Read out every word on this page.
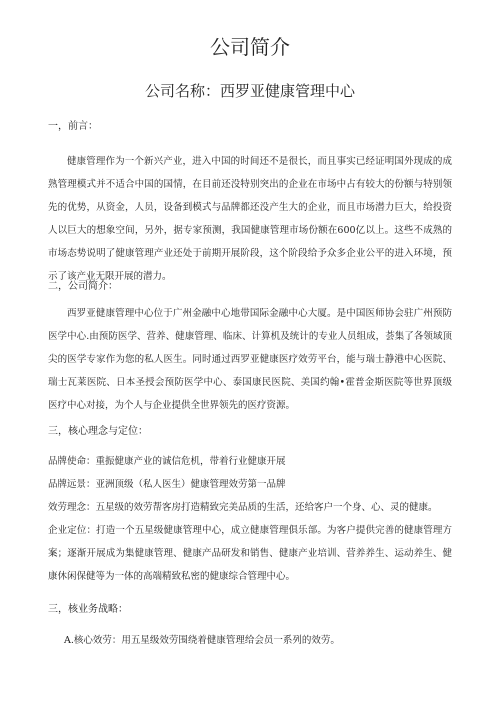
公司简介
公司名称：西罗亚健康管理中心
一，前言：
健康管理作为一个新兴产业，进入中国的时间还不是很长，而且事实已经证明国外现成的成熟管理模式并不适合中国的国情，在目前还没特别突出的企业在市场中占有较大的份额与特别领先的优势，从资金，人员，设备到模式与品牌都还没产生大的企业，而且市场潜力巨大，给投资人以巨大的想象空间，另外，据专家预测，我国健康管理市场份额在600亿以上。这些不成熟的市场态势说明了健康管理产业还处于前期开展阶段，这个阶段给予众多企业公平的进入环境，预示了该产业无限开展的潜力。
二，公司简介：
西罗亚健康管理中心位于广州金融中心地带国际金融中心大厦。是中国医师协会驻广州预防医学中心.由预防医学、营养、健康管理、临床、计算机及统计的专业人员组成，荟集了各领域顶尖的医学专家作为您的私人医生。同时通过西罗亚健康医疗效劳平台，能与瑞士静港中心医院、瑞士瓦莱医院、日本圣授会预防医学中心、泰国康民医院、美国约翰•霍普金斯医院等世界顶级医疗中心对接，为个人与企业提供全世界领先的医疗资源。
三，核心理念与定位：
品牌使命：重振健康产业的诚信危机，带着行业健康开展
品牌远景：亚洲顶级（私人医生）健康管理效劳第一品牌
效劳理念：五星级的效劳帮客房打造精致完美品质的生活，还给客户一个身、心、灵的健康。
企业定位：打造一个五星级健康管理中心，成立健康管理俱乐部。为客户提供完善的健康管理方案；逐渐开展成为集健康管理、健康产品研发和销售、健康产业培训、营养养生、运动养生、健康休闲保健等为一体的高端精致私密的健康综合管理中心。
三，核业务战略：
A.核心效劳：用五星级效劳围绕着健康管理给会员一系列的效劳。
